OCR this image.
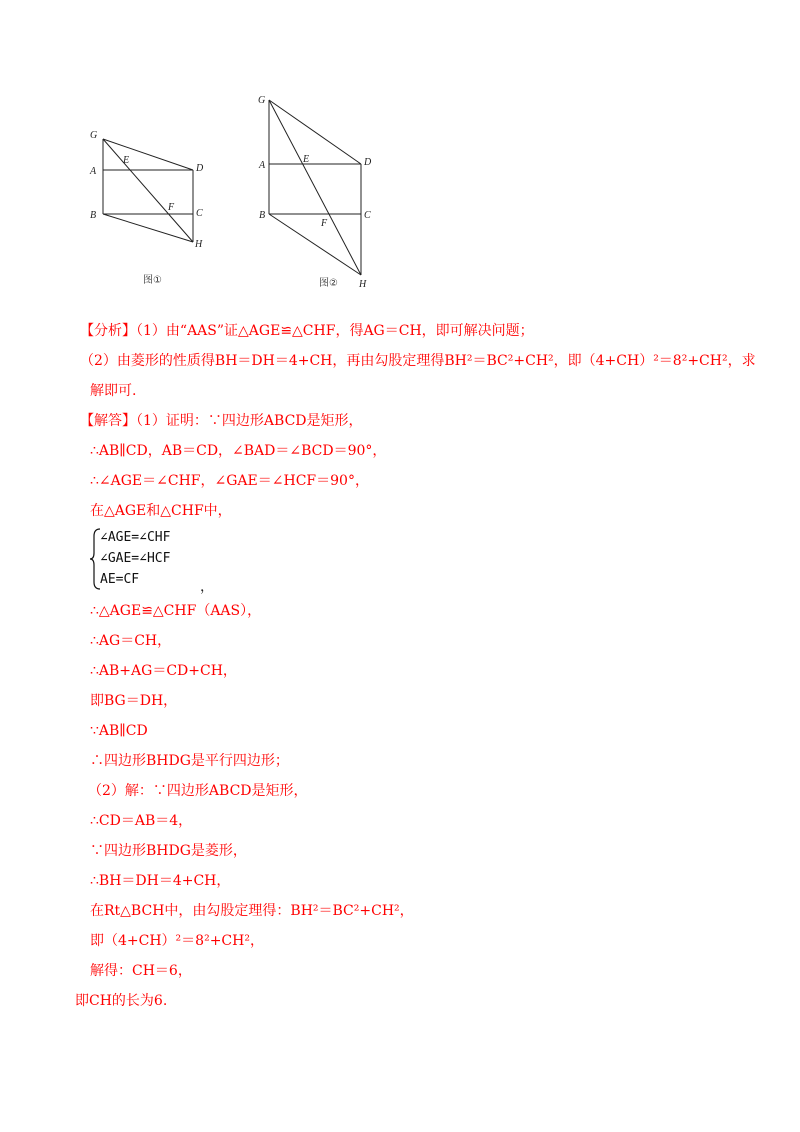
G
A
E
D
B
F
C
H
图①
G
A
E	D
B
F
C
H
图②
【分析】（1）由“AAS”证△AGE≌△CHF，得AG＝CH，即可解决问题；
（2）由菱形的性质得BH＝DH＝4+CH，再由勾股定理得BH²＝BC²+CH²，即（4+CH）²＝8²+CH²，求
解即可.
【解答】（1）证明：∵四边形ABCD是矩形，
∴AB∥CD，AB＝CD，∠BAD＝∠BCD＝90°，
∴∠AGE＝∠CHF，∠GAE＝∠HCF＝90°，
在△AGE和△CHF中，
∠AGE=∠CHF
∠GAE=∠HCF
AE=CF	，
∴△AGE≌△CHF（AAS），
∴AG＝CH，
∴AB+AG＝CD+CH，
即BG＝DH，
∵AB∥CD
∴四边形BHDG是平行四边形；
（2）解：∵四边形ABCD是矩形，
∴CD＝AB＝4，
∵四边形BHDG是菱形，
∴BH＝DH＝4+CH，
在Rt△BCH中，由勾股定理得：BH²＝BC²+CH²，
即（4+CH）²＝8²+CH²，
解得：CH＝6，
即CH的长为6.
